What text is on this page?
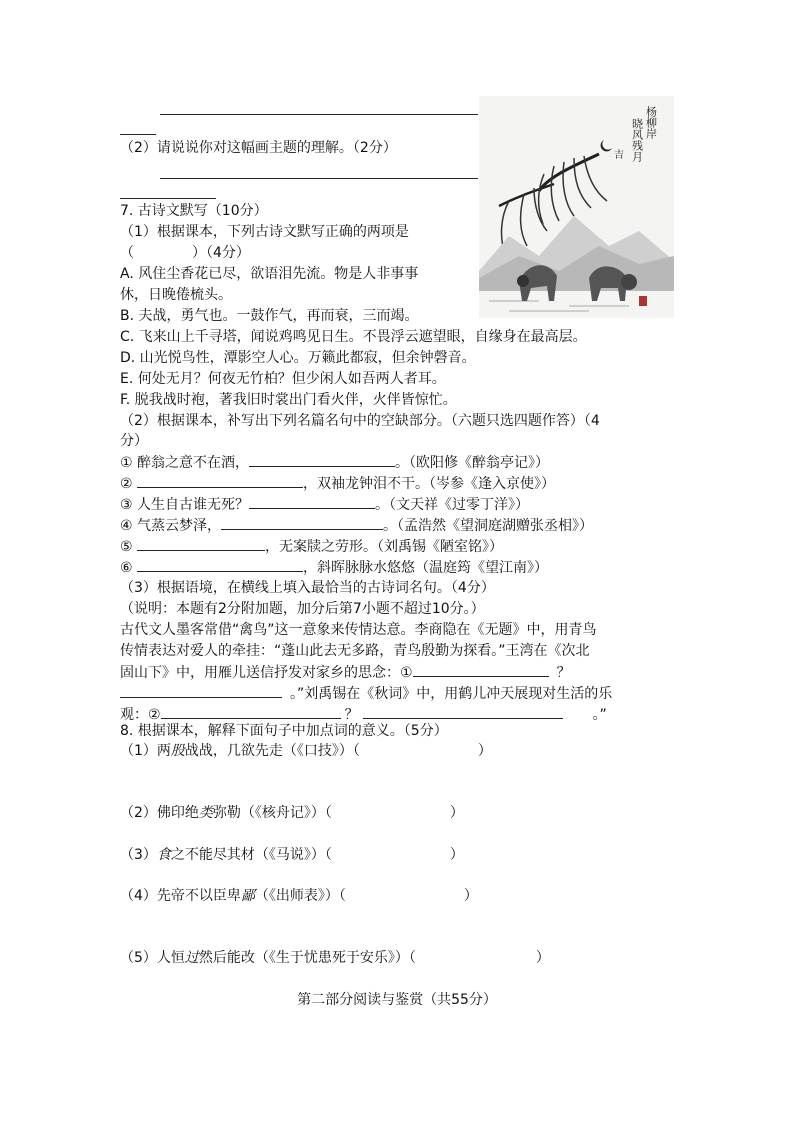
（2）请说说你对这幅画主题的理解。（2分）
杨柳岸
晓风残月
吉
7. 古诗文默写（10分）
（1）根据课本，下列古诗文默写正确的两项是
（	）（4分）
A. 风住尘香花已尽，欲语泪先流。物是人非事事
休，日晚倦梳头。
B. 夫战，勇气也。一鼓作气，再而衰，三而竭。
C. 飞来山上千寻塔，闻说鸡鸣见日生。不畏浮云遮望眼，自缘身在最高层。
D. 山光悦鸟性，潭影空人心。万籁此都寂，但余钟磬音。
E. 何处无月？何夜无竹柏？但少闲人如吾两人者耳。
F. 脱我战时袍，著我旧时裳出门看火伴，火伴皆惊忙。
（2）根据课本，补写出下列名篇名句中的空缺部分。（六题只选四题作答）（4
分）
① 醉翁之意不在酒，	。（欧阳修《醉翁亭记》）
②	，双袖龙钟泪不干。（岑参《逢入京使》）
③ 人生自古谁无死？	。（文天祥《过零丁洋》）
④ 气蒸云梦泽，	。（孟浩然《望洞庭湖赠张丞相》）
⑤	，无案牍之劳形。（刘禹锡《陋室铭》）
⑥	，斜晖脉脉水悠悠（温庭筠《望江南》）
（3）根据语境，在横线上填入最恰当的古诗词名句。（4分）
（说明：本题有2分附加题，加分后第7小题不超过10分。）
古代文人墨客常借“禽鸟”这一意象来传情达意。李商隐在《无题》中，用青鸟
传情表达对爱人的牵挂：“蓬山此去无多路，青鸟殷勤为探看。”王湾在《次北
固山下》中，用雁儿送信抒发对家乡的思念：①	？
。”刘禹锡在《秋词》中，用鹤儿冲天展现对生活的乐
观：②	？	。”
8. 根据课本，解释下面句子中加点词的意义。（5分）
（1）两股战战，几欲先走（《口技》）（	）
（2）佛印绝类弥勒（《核舟记》）（	）
（3）食之不能尽其材（《马说》）（	）
（4）先帝不以臣卑鄙（《出师表》）（	）
（5）人恒过然后能改（《生于忧患死于安乐》）（	）
第二部分阅读与鉴赏（共55分）
